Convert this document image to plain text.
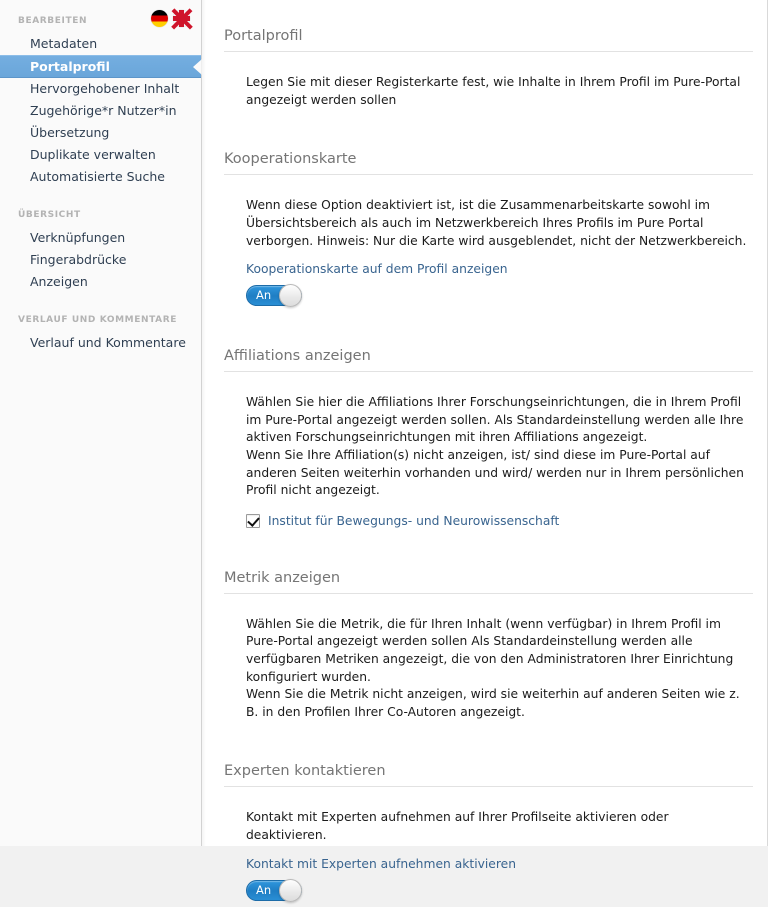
BEARBEITEN
Metadaten
Portalprofil
Hervorgehobener Inhalt
Zugehörige*r Nutzer*in
Übersetzung
Duplikate verwalten
Automatisierte Suche
ÜBERSICHT
Verknüpfungen
Fingerabdrücke
Anzeigen
VERLAUF UND KOMMENTARE
Verlauf und Kommentare
Portalprofil

Legen Sie mit dieser Registerkarte fest, wie Inhalte in Ihrem Profil im Pure-Portal angezeigt werden sollen

Kooperationskarte

Wenn diese Option deaktiviert ist, ist die Zusammenarbeitskarte sowohl im Übersichtsbereich als auch im Netzwerkbereich Ihres Profils im Pure Portal verborgen. Hinweis: Nur die Karte wird ausgeblendet, nicht der Netzwerkbereich.

Kooperationskarte auf dem Profil anzeigen
An
Affiliations anzeigen

Wählen Sie hier die Affiliations Ihrer Forschungseinrichtungen, die in Ihrem Profil im Pure-Portal angezeigt werden sollen. Als Standardeinstellung werden alle Ihre aktiven Forschungseinrichtungen mit ihren Affiliations angezeigt.

Wenn Sie Ihre Affiliation(s) nicht anzeigen, ist/ sind diese im Pure-Portal auf anderen Seiten weiterhin vorhanden und wird/ werden nur in Ihrem persönlichen Profil nicht angezeigt.

Institut für Bewegungs- und Neurowissenschaft
Metrik anzeigen

Wählen Sie die Metrik, die für Ihren Inhalt (wenn verfügbar) in Ihrem Profil im Pure-Portal angezeigt werden sollen Als Standardeinstellung werden alle verfügbaren Metriken angezeigt, die von den Administratoren Ihrer Einrichtung konfiguriert wurden.

Wenn Sie die Metrik nicht anzeigen, wird sie weiterhin auf anderen Seiten wie z. B. in den Profilen Ihrer Co-Autoren angezeigt.

Experten kontaktieren

Kontakt mit Experten aufnehmen auf Ihrer Profilseite aktivieren oder deaktivieren.

Kontakt mit Experten aufnehmen aktivieren
An
